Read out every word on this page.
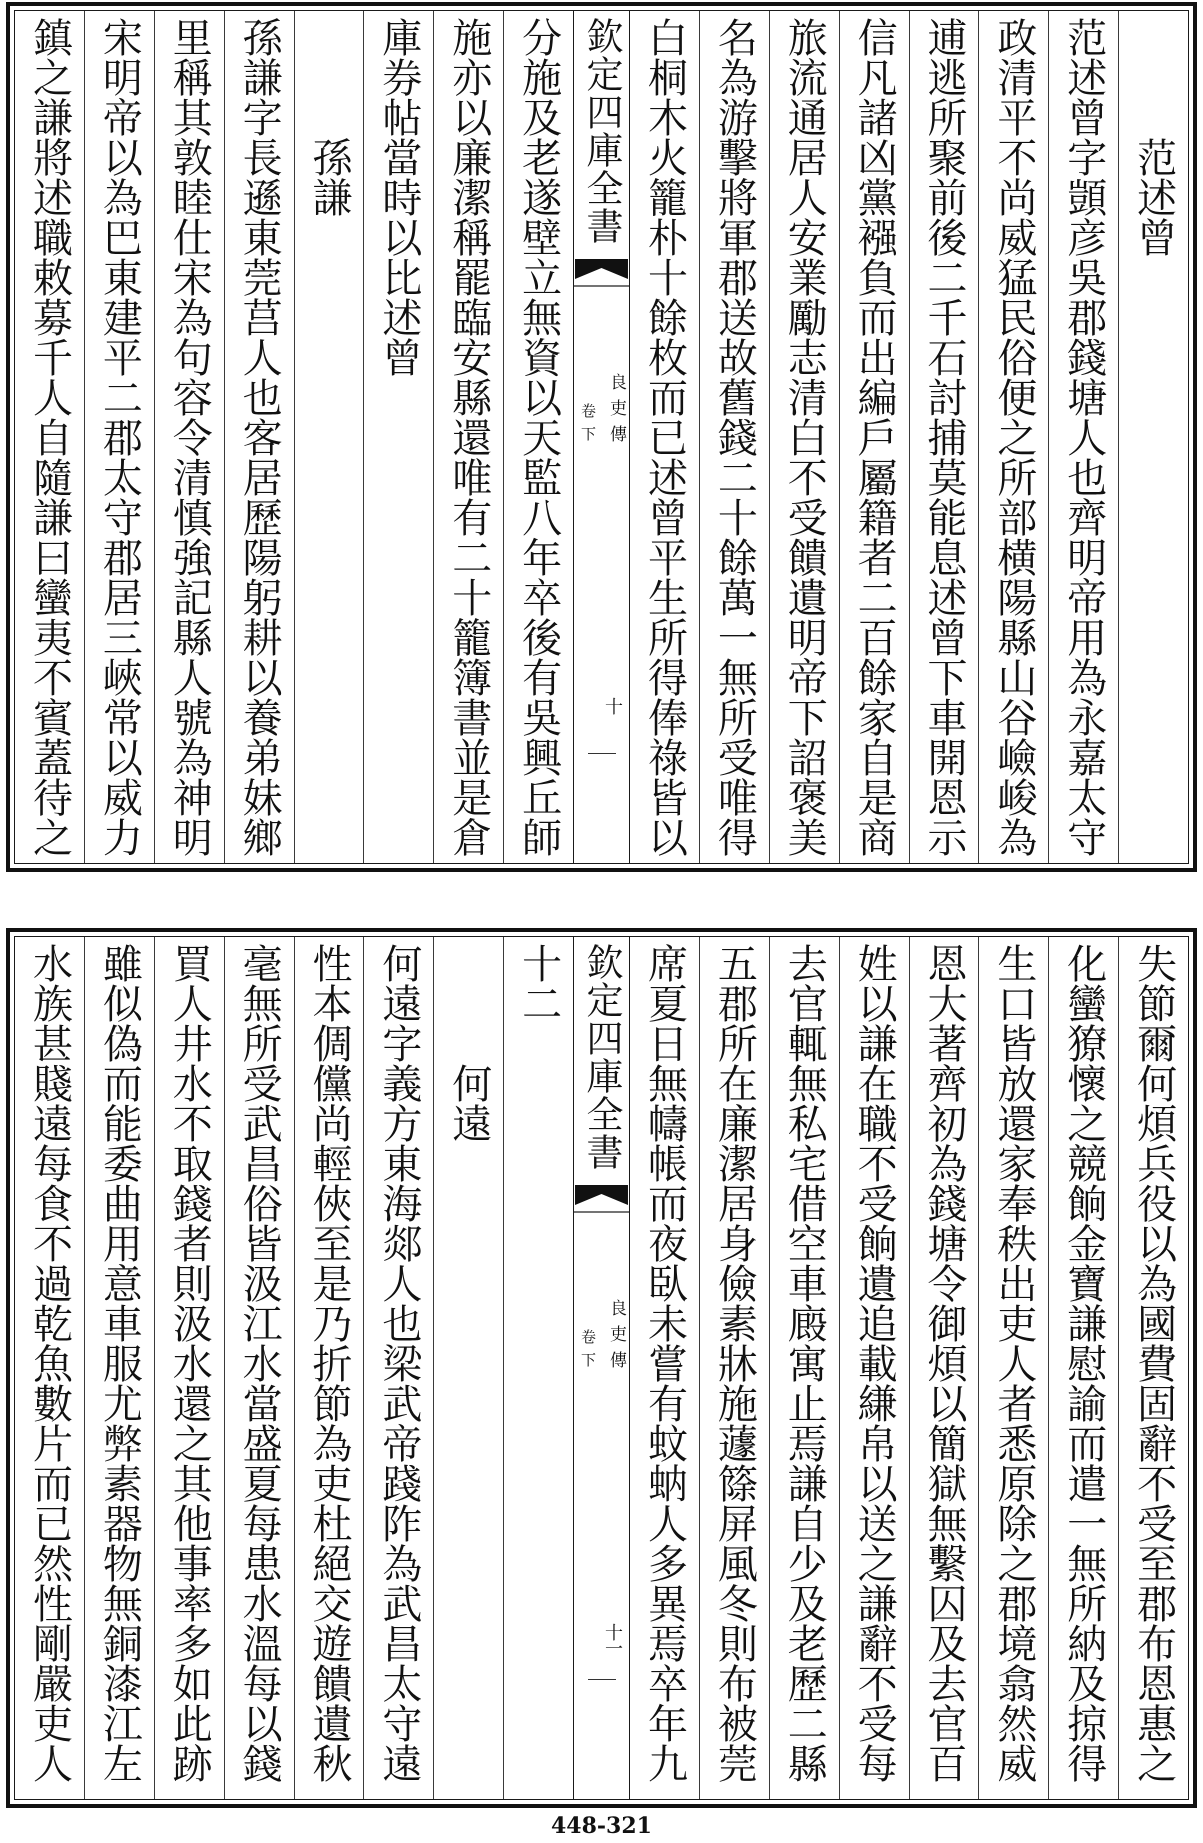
范述曾
范述曾字顗彦吳郡錢塘人也齊明帝用為永嘉太守
政清平不尚威猛民俗便之所部横陽縣山谷嶮峻為
逋逃所聚前後二千石討捕莫能息述曾下車開恩示
信凡諸凶黨襁負而出編戶屬籍者二百餘家自是商
旅流通居人安業勵志清白不受饋遺明帝下詔褒美
名為游擊將軍郡送故舊錢二十餘萬一無所受唯得
白桐木火籠朴十餘枚而已述曾平生所得俸祿皆以
欽定四庫全書
良吏傳
卷下
十
分施及老遂壁立無資以天監八年卒後有吳興丘師
施亦以廉潔稱罷臨安縣還唯有二十籠簿書並是倉
庫券帖當時以比述曾
孫謙
孫謙字長遜東莞莒人也客居歷陽躬耕以養弟妹鄉
里稱其敦睦仕宋為句容令清慎強記縣人號為神明
宋明帝以為巴東建平二郡太守郡居三峽常以威力
鎮之謙將述職敕募千人自隨謙曰蠻夷不賓蓋待之
失節爾何煩兵役以為國費固辭不受至郡布恩惠之
化蠻獠懷之競餉金寶謙慰諭而遣一無所納及掠得
生口皆放還家奉秩出吏人者悉原除之郡境翕然威
恩大著齊初為錢塘令御煩以簡獄無繫囚及去官百
姓以謙在職不受餉遺追載縑帛以送之謙辭不受每
去官輒無私宅借空車廄寓止焉謙自少及老歷二縣
五郡所在廉潔居身儉素牀施蘧篨屏風冬則布被莞
席夏日無幬帳而夜臥未嘗有蚊蚋人多異焉卒年九
欽定四庫全書
良吏傳
卷下
十一
十二
何遠
何遠字義方東海郯人也梁武帝踐阼為武昌太守遠
性本倜儻尚輕俠至是乃折節為吏杜絕交遊饋遺秋
毫無所受武昌俗皆汲江水當盛夏每患水溫每以錢
買人井水不取錢者則汲水還之其他事率多如此跡
雖似偽而能委曲用意車服尤弊素器物無銅漆江左
水族甚賤遠每食不過乾魚數片而已然性剛嚴吏人
448-321
